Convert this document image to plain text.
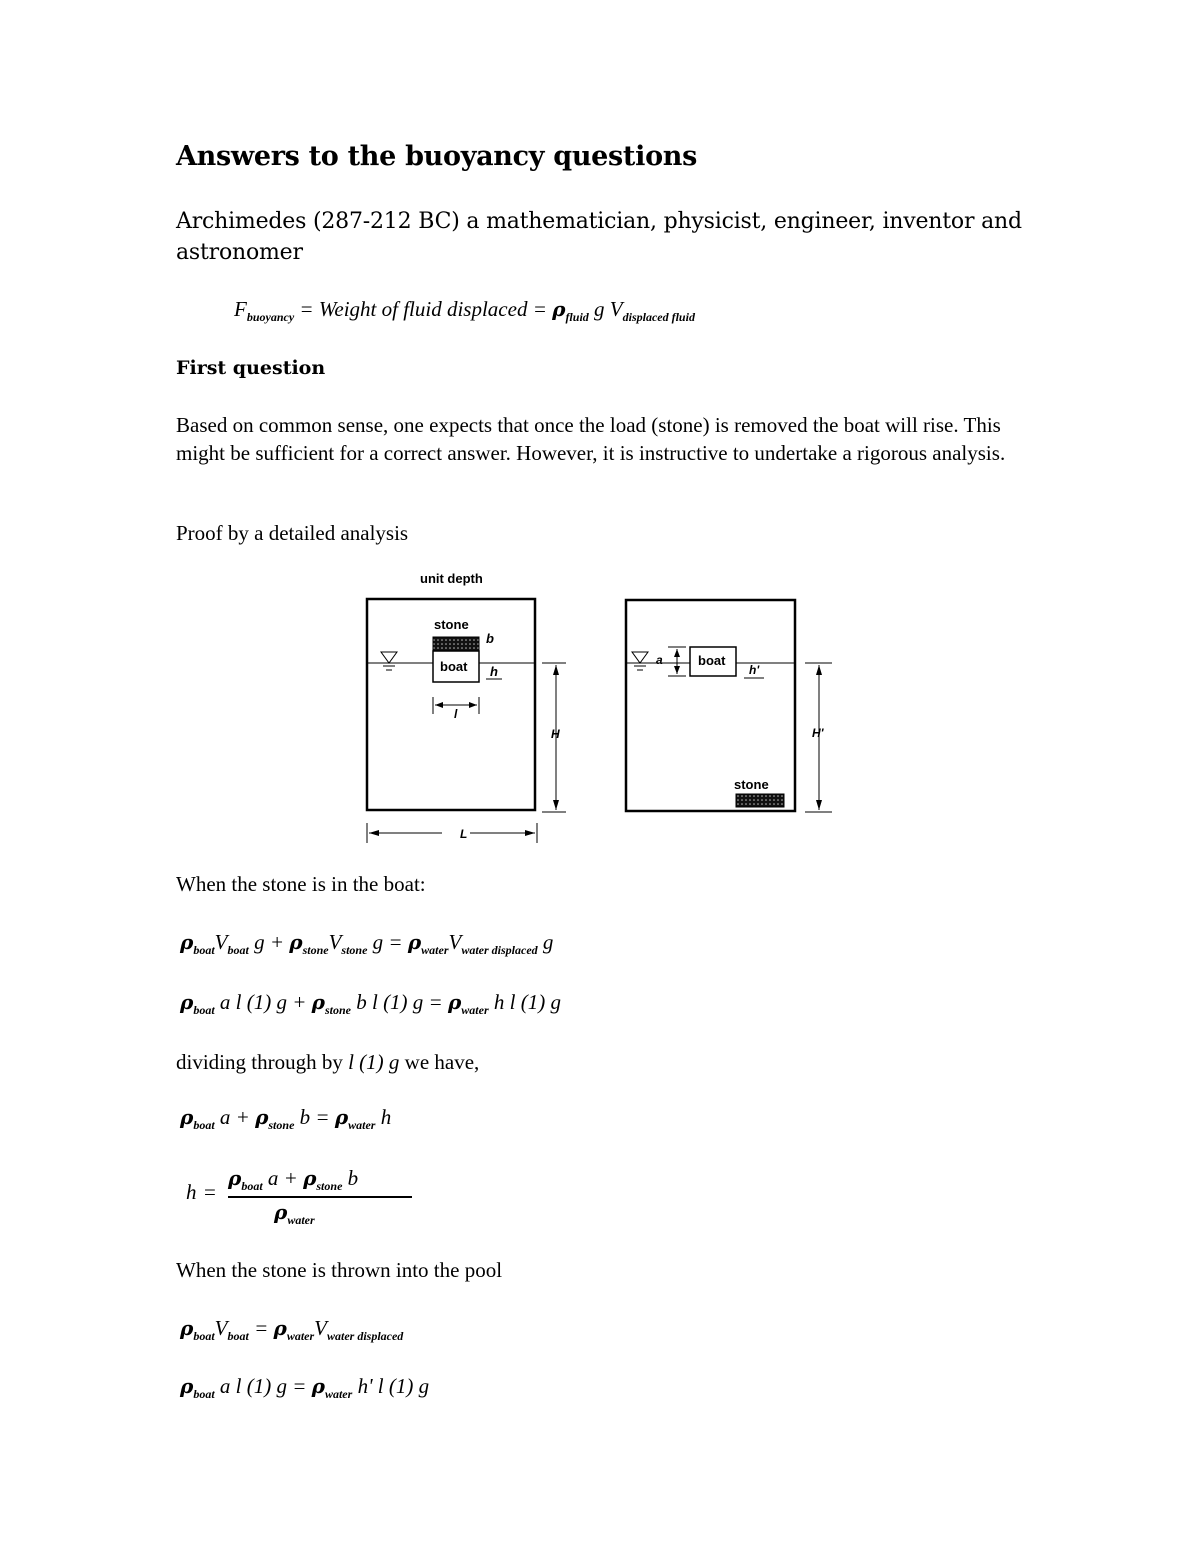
Answers to the buoyancy questions
Archimedes (287-212 BC) a mathematician, physicist, engineer, inventor and astronomer
$F_{buoyancy}$ = Weight of fluid displaced = $\rho_{fluid}$ g $V_{displaced fluid}$
First question
Based on common sense, one expects that once the load (stone) is removed the boat will rise. This might be sufficient for a correct answer. However, it is instructive to undertake a rigorous analysis.
Proof by a detailed analysis
unit depth
stone
boat
b
h
l
H
L
a	boat
h'
stone
H'
When the stone is in the boat:
$\rho_{boat}V_{boat}$ $g + \rho_{stone}V_{stone}$ $g = \rho_{water}V_{water displaced}$ g
$\rho_{boat}$ a l (1) $g + \rho_{stone}$ b l (1) $g = \rho_{water}$ h l (1) g
dividing through by l (1) g we have,
$\rho_{boat}$ $a + \rho_{stone}$ $b = \rho_{water}$ h
h =
$\rho_{boat}$ $a + \rho_{stone}$ b
$\rho_{water}$
When the stone is thrown into the pool
$\rho_{boat}V_{boat} = \rho_{water}V_{water displaced}$
$\rho_{boat}$ a l (1) $g = \rho_{water}$ h' l (1) g
